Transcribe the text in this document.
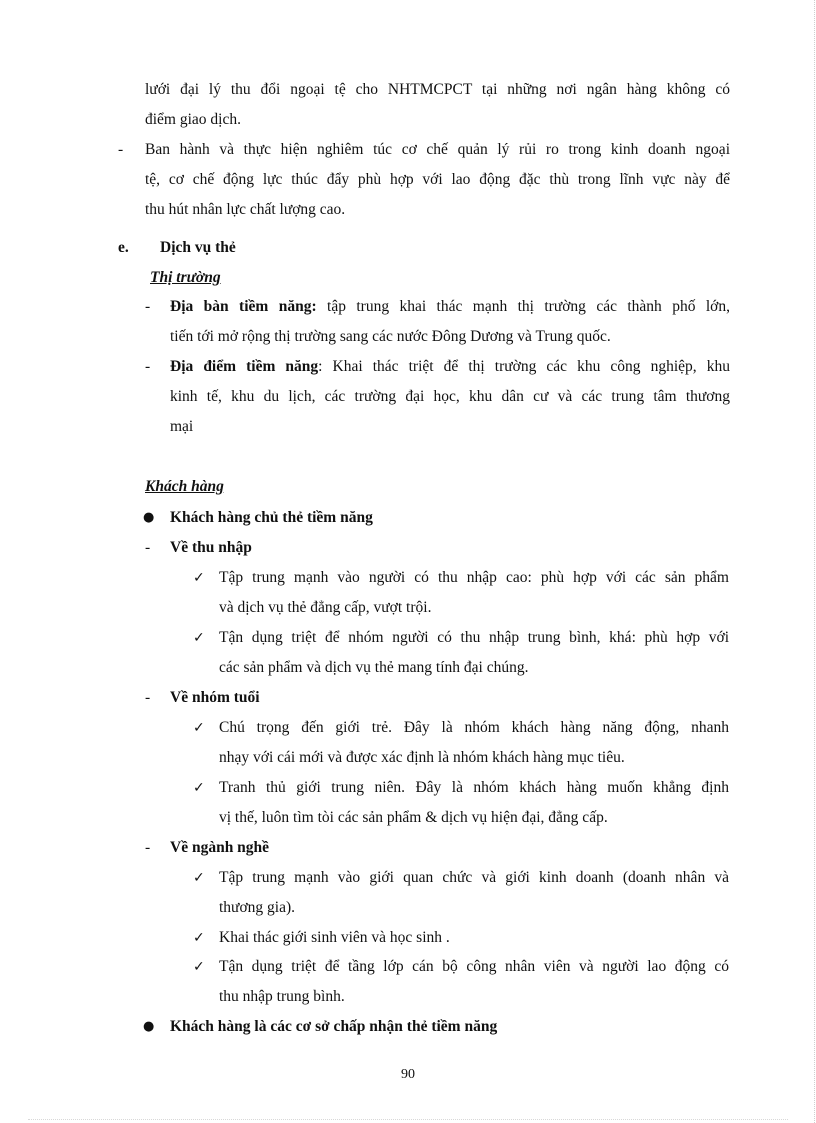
lưới đại lý thu đổi ngoại tệ cho NHTMCPCT tại những nơi ngân hàng không có
điểm giao dịch.
- Ban hành và thực hiện nghiêm túc cơ chế quản lý rủi ro trong kinh doanh ngoại
tệ, cơ chế động lực thúc đẩy phù hợp với lao động đặc thù trong lĩnh vực này để
thu hút nhân lực chất lượng cao.
e. Dịch vụ thẻ
Thị trường
- Địa bàn tiềm năng: tập trung khai thác mạnh thị trường các thành phố lớn,
tiến tới mở rộng thị trường sang các nước Đông Dương và Trung quốc.
- Địa điểm tiềm năng: Khai thác triệt để thị trường các khu công nghiệp, khu
kinh tế, khu du lịch, các trường đại học, khu dân cư và các trung tâm thương
mại
Khách hàng
● Khách hàng chủ thẻ tiềm năng
- Về thu nhập
✓ Tập trung mạnh vào người có thu nhập cao: phù hợp với các sản phẩm
và dịch vụ thẻ đẳng cấp, vượt trội.
✓ Tận dụng triệt để nhóm người có thu nhập trung bình, khá: phù hợp với
các sản phẩm và dịch vụ thẻ mang tính đại chúng.
- Về nhóm tuổi
✓ Chú trọng đến giới trẻ. Đây là nhóm khách hàng năng động, nhanh
nhạy với cái mới và được xác định là nhóm khách hàng mục tiêu.
✓ Tranh thủ giới trung niên. Đây là nhóm khách hàng muốn khẳng định
vị thế, luôn tìm tòi các sản phẩm & dịch vụ hiện đại, đẳng cấp.
- Về ngành nghề
✓ Tập trung mạnh vào giới quan chức và giới kinh doanh (doanh nhân và
thương gia).
✓ Khai thác giới sinh viên và học sinh .
✓ Tận dụng triệt để tầng lớp cán bộ công nhân viên và người lao động có
thu nhập trung bình.
● Khách hàng là các cơ sở chấp nhận thẻ tiềm năng
90
